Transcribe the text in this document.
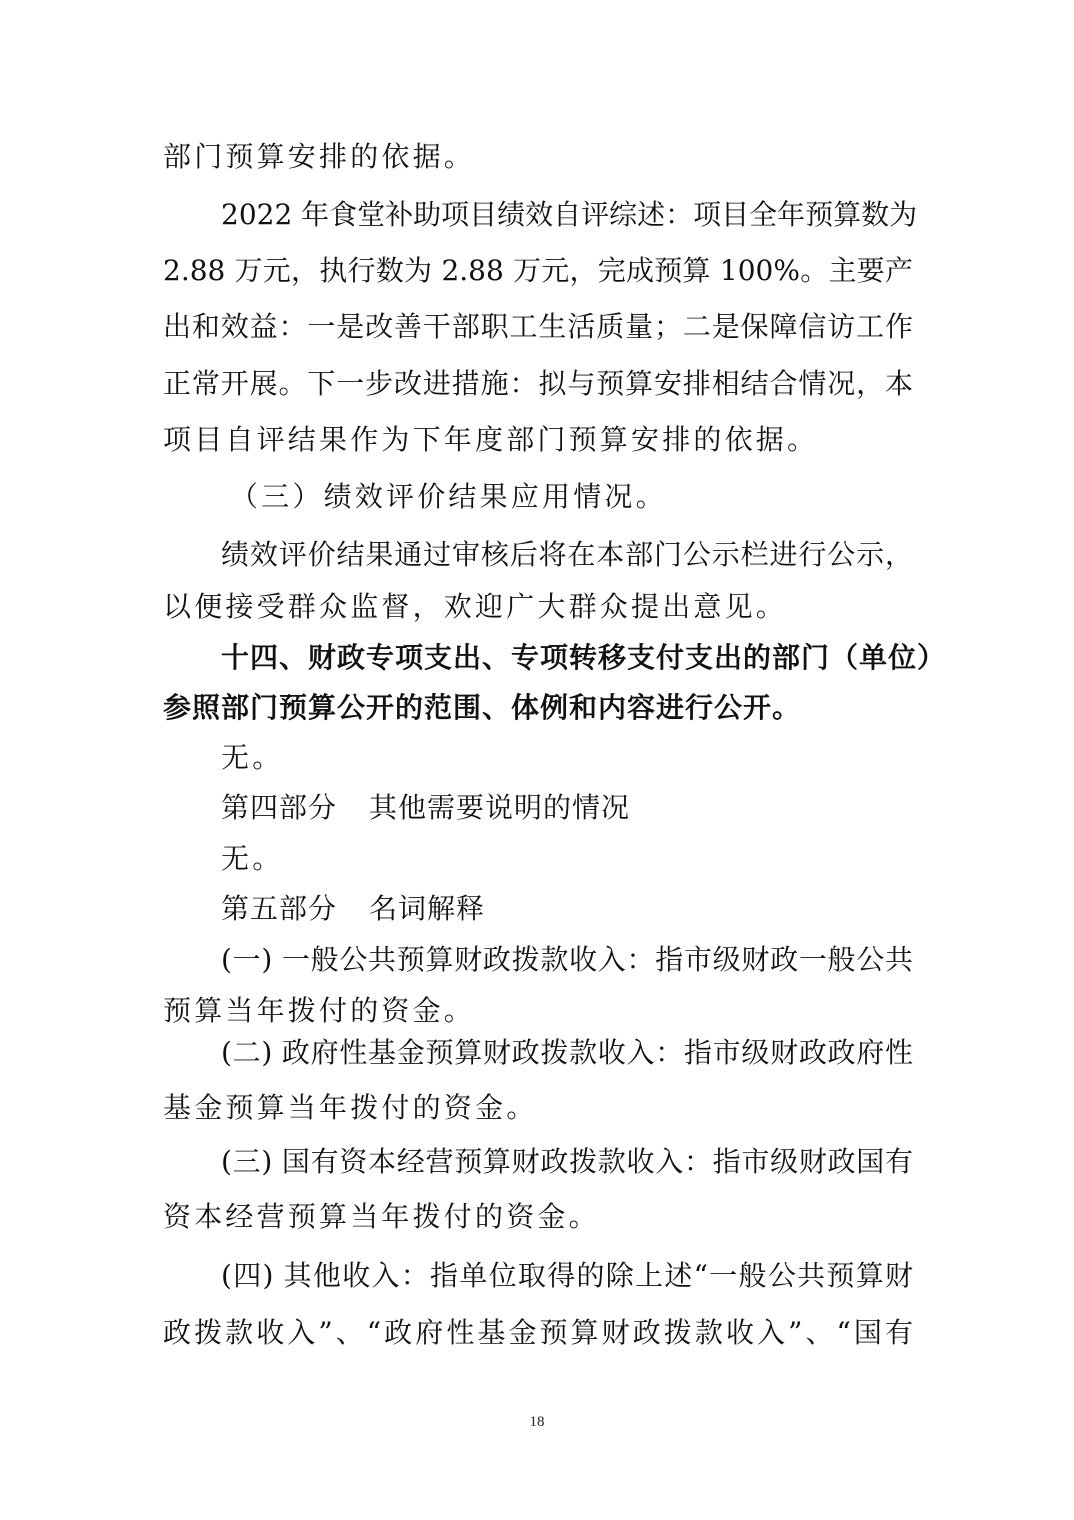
部门预算安排的依据。
2022 年食堂补助项目绩效自评综述：项目全年预算数为
2.88 万元，执行数为 2.88 万元，完成预算 100%。主要产
出和效益：一是改善干部职工生活质量；二是保障信访工作
正常开展。下一步改进措施：拟与预算安排相结合情况，本
项目自评结果作为下年度部门预算安排的依据。
（三）绩效评价结果应用情况。
绩效评价结果通过审核后将在本部门公示栏进行公示，
以便接受群众监督，欢迎广大群众提出意见。
十四、财政专项支出、专项转移支付支出的部门（单位）
参照部门预算公开的范围、体例和内容进行公开。
无。
第四部分 其他需要说明的情况
无。
第五部分 名词解释
(一) 一般公共预算财政拨款收入：指市级财政一般公共
预算当年拨付的资金。
(二) 政府性基金预算财政拨款收入：指市级财政政府性
基金预算当年拨付的资金。
(三) 国有资本经营预算财政拨款收入：指市级财政国有
资本经营预算当年拨付的资金。
(四) 其他收入：指单位取得的除上述“一般公共预算财
政拨款收入”、“政府性基金预算财政拨款收入”、“国有
18
